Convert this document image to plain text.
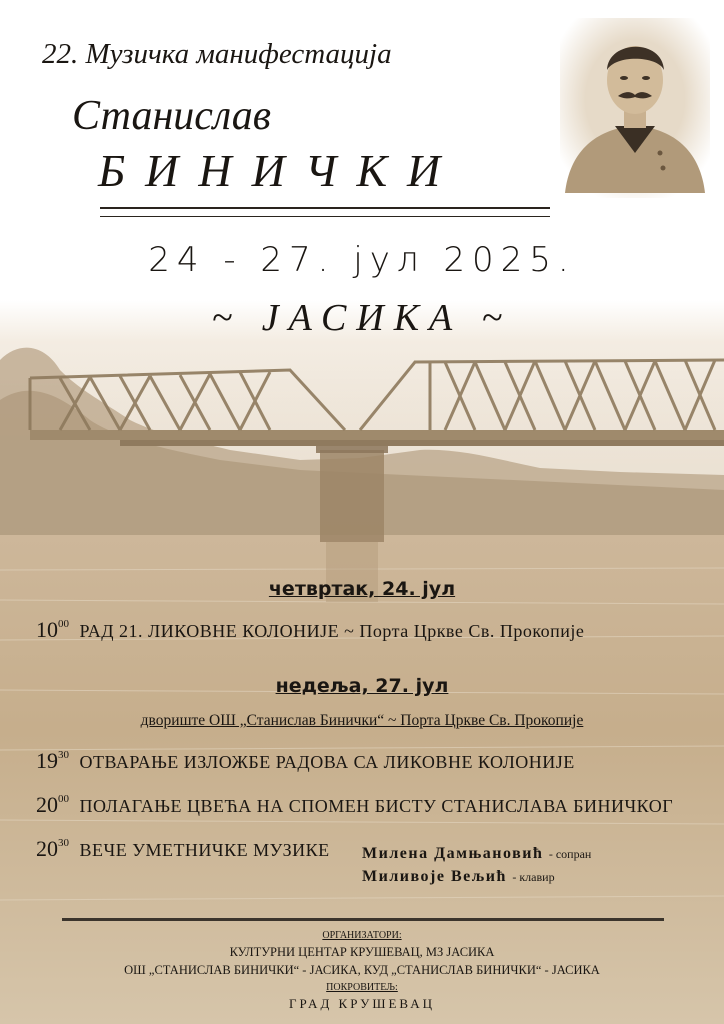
22. Музичка манифестација
Станислав
БИНИЧКИ
24 - 27. јул 2025.
~ ЈАСИКА ~
четвртак, 24. јул
$10^{00}$ РАД 21. ЛИКОВНЕ КОЛОНИЈЕ ~ Порта Цркве Св. Прокопије
недеља, 27. јул
двориште ОШ „Станислав Бинички“ ~ Порта Цркве Св. Прокопије
$19^{30}$ ОТВАРАЊЕ ИЗЛОЖБЕ РАДОВА СА ЛИКОВНЕ КОЛОНИЈЕ
$20^{00}$ ПОЛАГАЊЕ ЦВЕЋА НА СПОМЕН БИСТУ СТАНИСЛАВА БИНИЧКОГ
$20^{30}$ ВЕЧЕ УМЕТНИЧКЕ МУЗИКЕ Милена Дамњановић - сопран
Миливоје Вељић - клавир
ОРГАНИЗАТОРИ:
КУЛТУРНИ ЦЕНТАР КРУШЕВАЦ, МЗ ЈАСИКА
ОШ „СТАНИСЛАВ БИНИЧКИ“ - ЈАСИКА, КУД „СТАНИСЛАВ БИНИЧКИ“ - ЈАСИКА
ПОКРОВИТЕЉ:
ГРАД КРУШЕВАЦ
